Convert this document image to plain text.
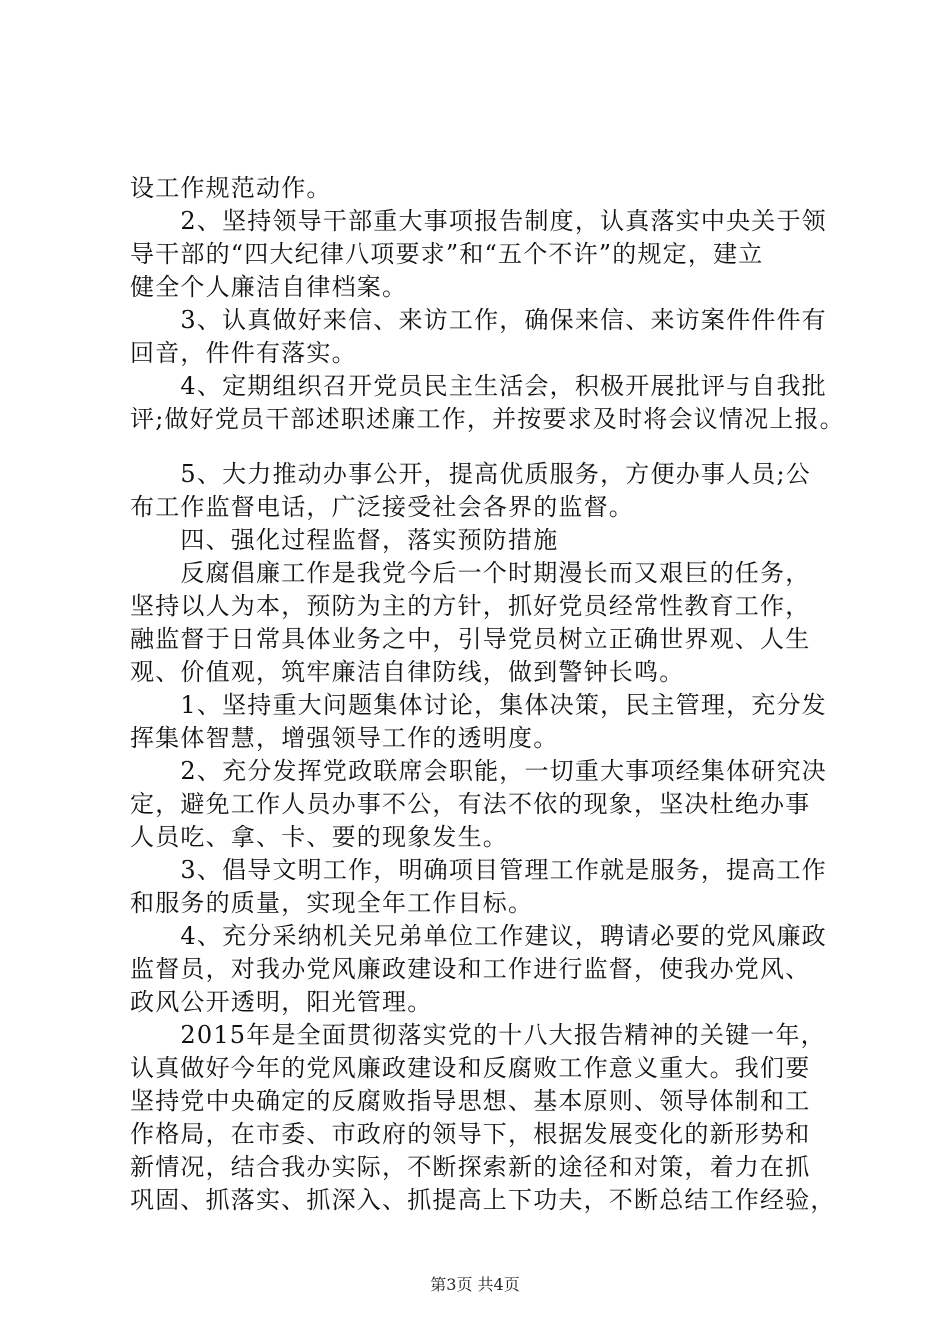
设工作规范动作。
　　2、坚持领导干部重大事项报告制度，认真落实中央关于领
导干部的“四大纪律八项要求”和“五个不许”的规定，建立
健全个人廉洁自律档案。
　　3、认真做好来信、来访工作，确保来信、来访案件件件有
回音，件件有落实。
　　4、定期组织召开党员民主生活会，积极开展批评与自我批
评;做好党员干部述职述廉工作，并按要求及时将会议情况上报。
　　5、大力推动办事公开，提高优质服务，方便办事人员;公
布工作监督电话，广泛接受社会各界的监督。
　　四、强化过程监督，落实预防措施
　　反腐倡廉工作是我党今后一个时期漫长而又艰巨的任务，
坚持以人为本，预防为主的方针，抓好党员经常性教育工作，
融监督于日常具体业务之中，引导党员树立正确世界观、人生
观、价值观，筑牢廉洁自律防线，做到警钟长鸣。
　　1、坚持重大问题集体讨论，集体决策，民主管理，充分发
挥集体智慧，增强领导工作的透明度。
　　2、充分发挥党政联席会职能，一切重大事项经集体研究决
定，避免工作人员办事不公，有法不依的现象，坚决杜绝办事
人员吃、拿、卡、要的现象发生。
　　3、倡导文明工作，明确项目管理工作就是服务，提高工作
和服务的质量，实现全年工作目标。
　　4、充分采纳机关兄弟单位工作建议，聘请必要的党风廉政
监督员，对我办党风廉政建设和工作进行监督，使我办党风、
政风公开透明，阳光管理。
　　2015年是全面贯彻落实党的十八大报告精神的关键一年，
认真做好今年的党风廉政建设和反腐败工作意义重大。我们要
坚持党中央确定的反腐败指导思想、基本原则、领导体制和工
作格局，在市委、市政府的领导下，根据发展变化的新形势和
新情况，结合我办实际，不断探索新的途径和对策，着力在抓
巩固、抓落实、抓深入、抓提高上下功夫，不断总结工作经验，
第3页 共4页
